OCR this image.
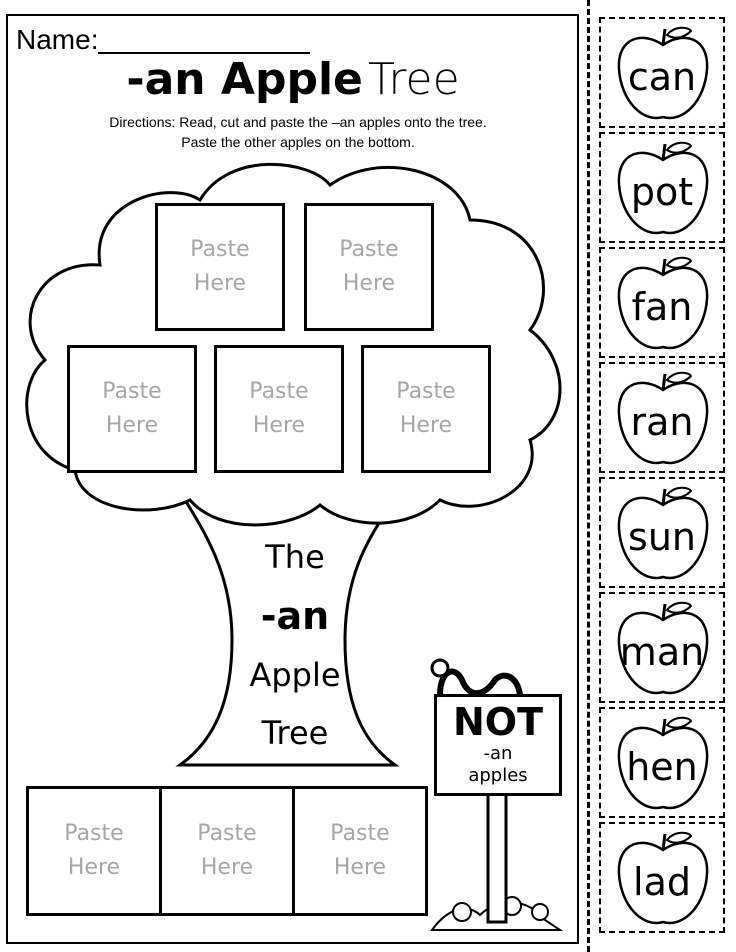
Name:
-an Apple Tree
Directions: Read, cut and paste the –an apples onto the tree.
Paste the other apples on the bottom.
Paste
Here
Paste
Here
Paste
Here
Paste
Here
Paste
Here
The
-an
Apple
Tree	NOT
-an
apples
Paste
Here
Paste
Here
Paste
Here
can
pot
fan
ran
sun
man
hen
lad
